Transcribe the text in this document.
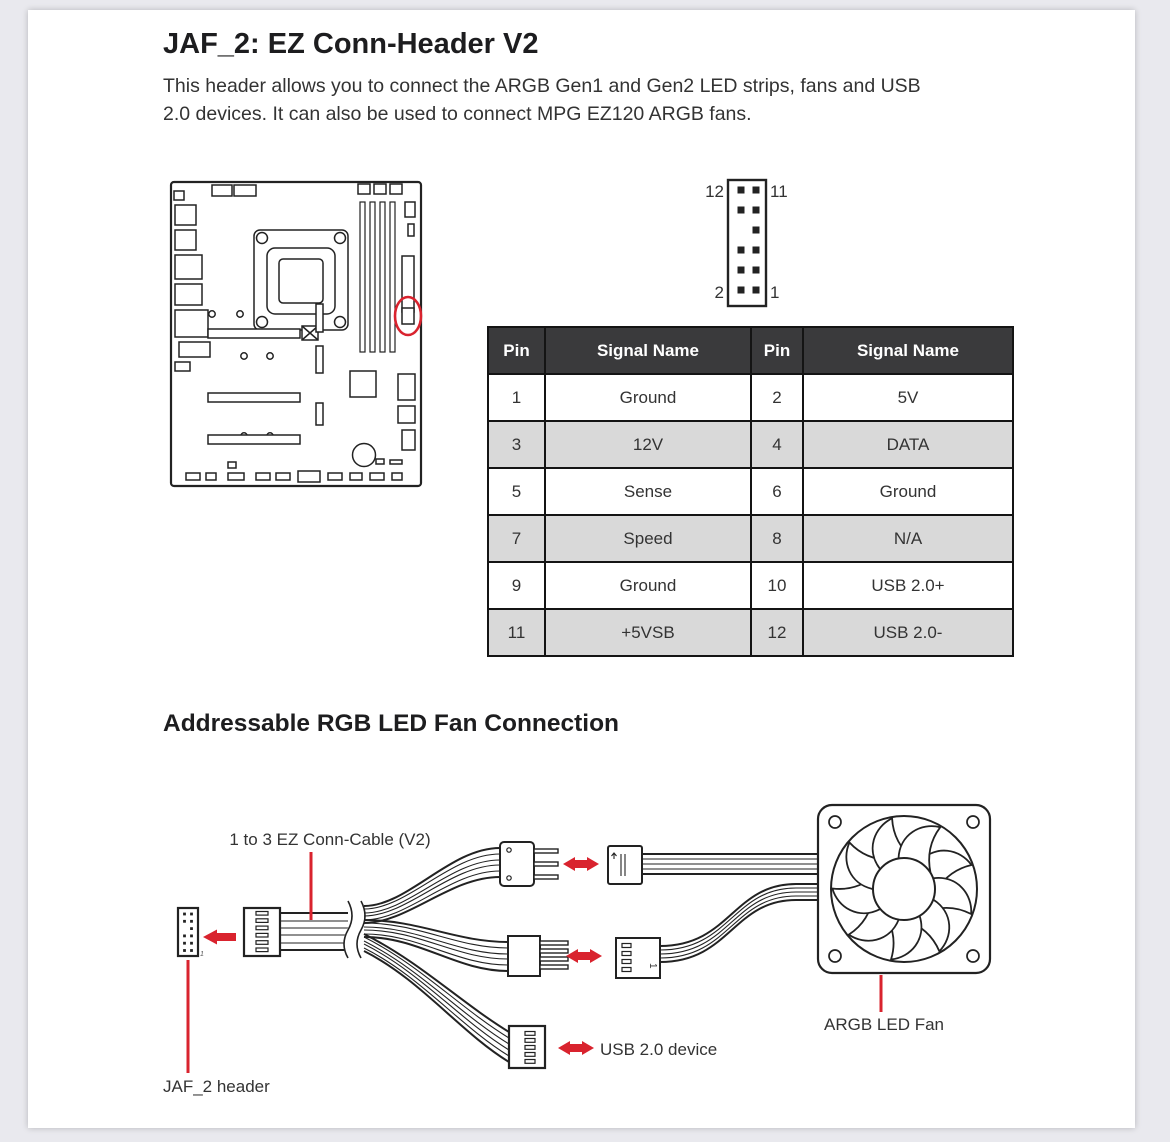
JAF_2: EZ Conn-Header V2

This header allows you to connect the ARGB Gen1 and Gen2 LED strips, fans and USB
2.0 devices. It can also be used to connect MPG EZ120 ARGB fans.

12	11
2	1
Pin	Signal Name	Pin	Signal Name
1	Ground	2	5V
3	12V	4	DATA
5	Sense	6	Ground
7	Speed	8	N/A
9	Ground	10	USB 2.0+
11	+5VSB	12	USB 2.0-
Addressable RGB LED Fan Connection
1
1
1 to 3 EZ Conn-Cable (V2)
JAF_2 header
ARGB LED Fan
USB 2.0 device
